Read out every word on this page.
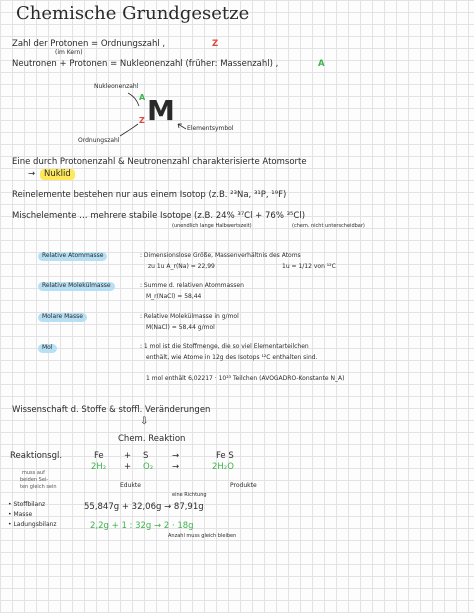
Chemische Grundgesetze
Zahl der Protonen = Ordnungszahl ,	Z
(im Kern)
Neutronen + Protonen = Nukleonenzahl (früher: Massenzahl) ,	A
Nukleonenzahl
A
Z M
Ordnungszahl
Elementsymbol
Eine durch Protonenzahl & Neutronenzahl charakterisierte Atomsorte
→	Nuklid
Reinelemente bestehen nur aus einem Isotop (z.B. ²³Na, ³¹P, ¹⁹F)
Mischelemente … mehrere stabile Isotope (z.B. 24% ³⁷Cl + 76% ³⁵Cl)
(unendlich lange Halbwertszeit)	(chem. nicht unterscheidbar)
Relative Atommasse	: Dimensionslose Größe, Massenverhältnis des Atoms
zu 1u A_r(Na) = 22,99	1u = 1/12 von ¹²C
Relative Molekülmasse	: Summe d. relativen Atommassen
M_r(NaCl) = 58,44
Molare Masse	: Relative Molekülmasse in g/mol
M(NaCl) = 58,44 g/mol
Mol	: 1 mol ist die Stoffmenge, die so viel Elementarteilchen
enthält, wie Atome in 12g des Isotops ¹²C enthalten sind.
1 mol enthält 6,02217 · 10²³ Teilchen (AVOGADRO-Konstante N_A)
Wissenschaft d. Stoffe & stoffl. Veränderungen
⇩
Chem. Reaktion
Reaktionsgl.
muss auf
beiden Sei-
ten gleich sein
Fe + S	→	Fe S
2H₂ + O₂ →	2H₂O
Edukte	Produkte
eine Richtung
• Stoffbilanz
• Masse
• Ladungsbilanz
55,847g + 32,06g → 87,91g
2,2g + 1 : 32g → 2 · 18g
Anzahl muss gleich bleiben
